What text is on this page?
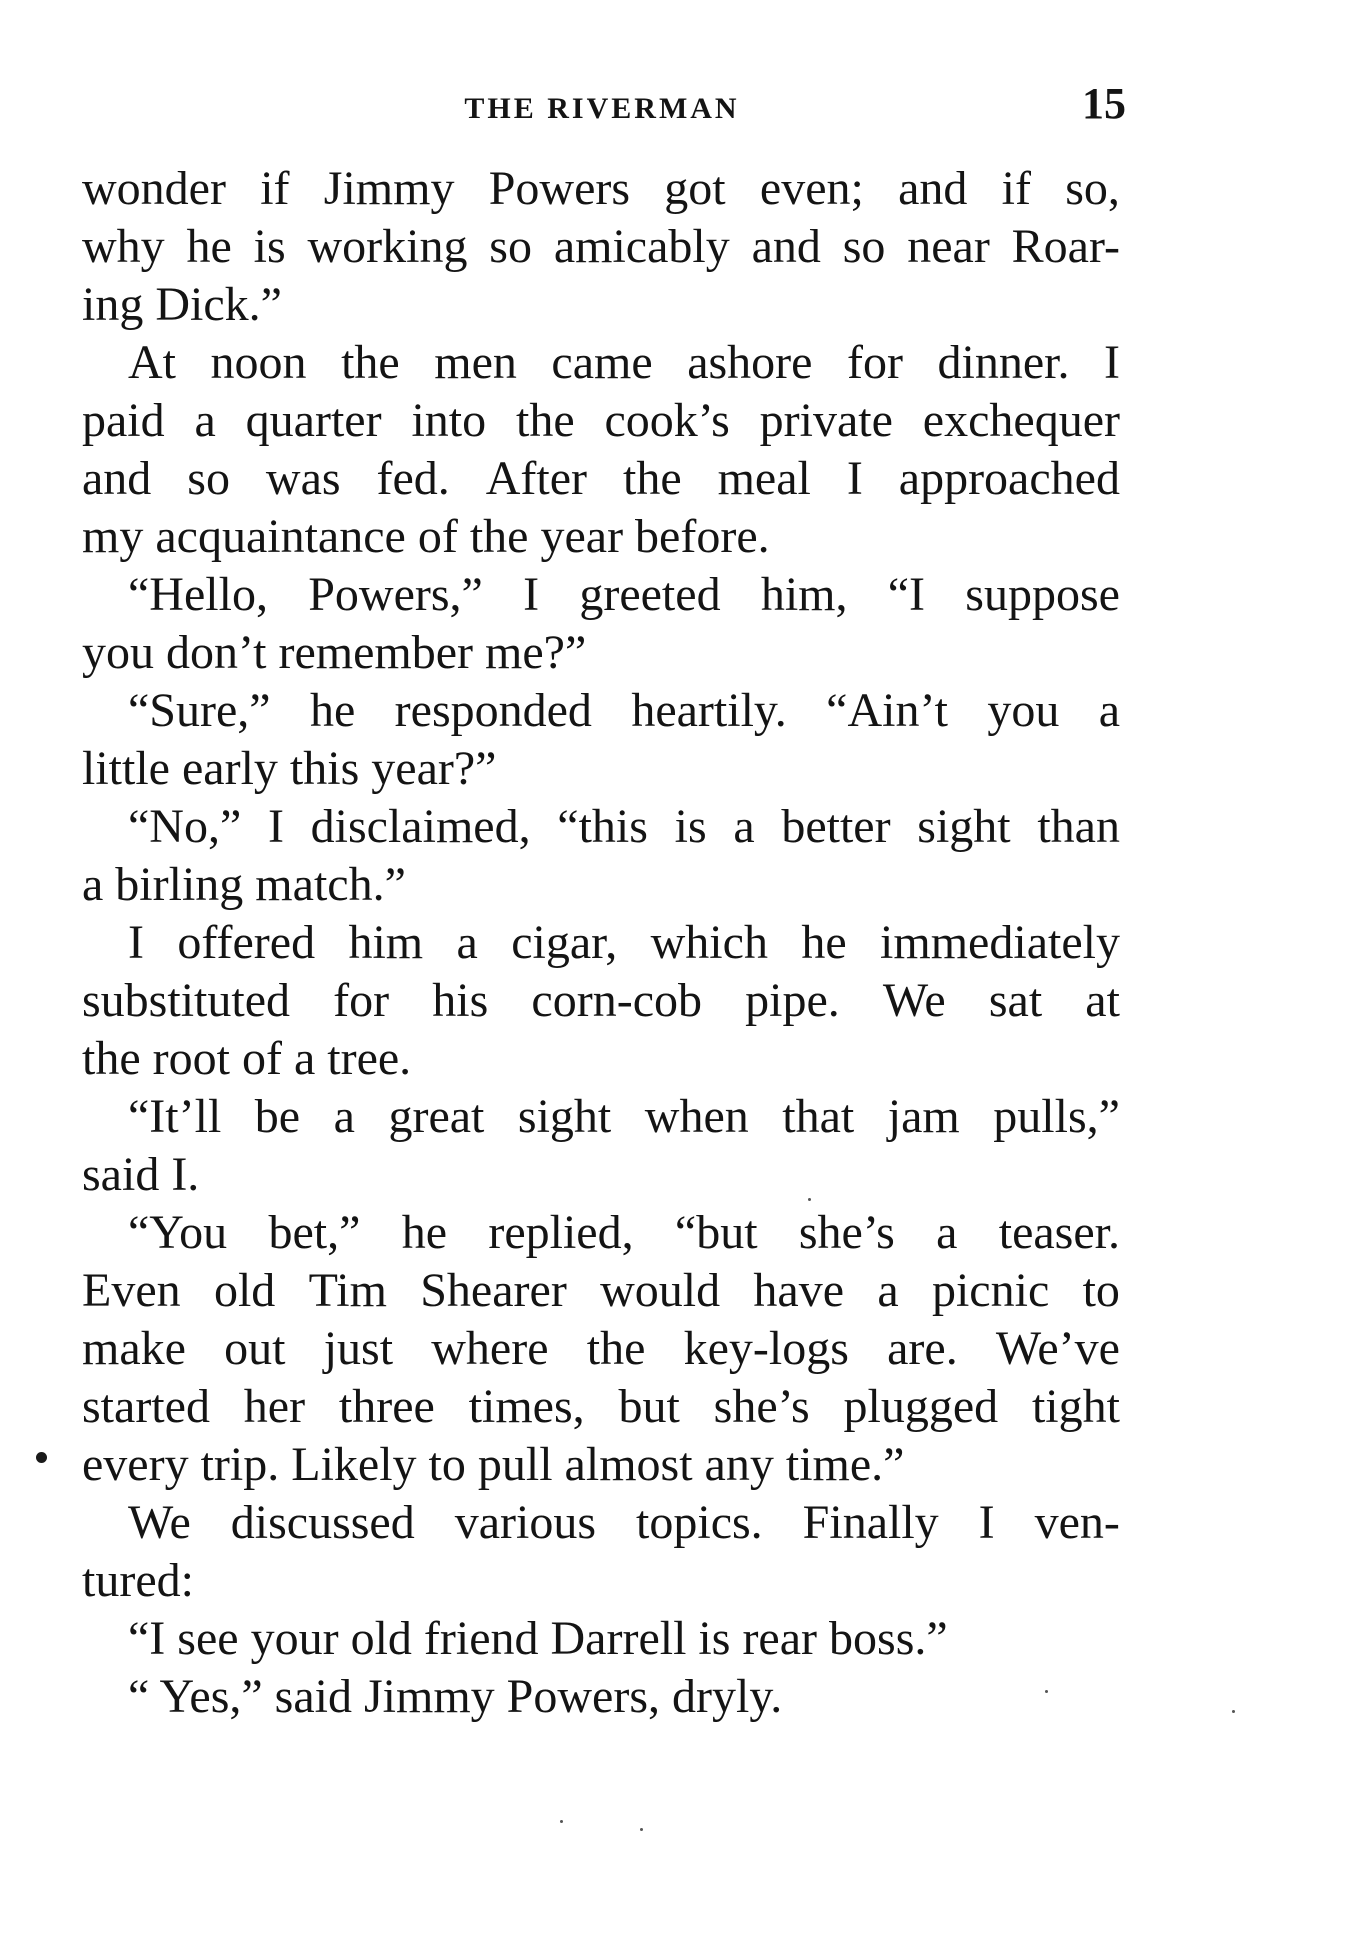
THE RIVERMAN	15
wonder if Jimmy Powers got even; and if so,
why he is working so amicably and so near Roar-
ing Dick.”
At noon the men came ashore for dinner. I
paid a quarter into the cook’s private exchequer
and so was fed. After the meal I approached
my acquaintance of the year before.
“Hello, Powers,” I greeted him, “I suppose
you don’t remember me?”
“Sure,” he responded heartily. “Ain’t you a
little early this year?”
“No,” I disclaimed, “this is a better sight than
a birling match.”
I offered him a cigar, which he immediately
substituted for his corn-cob pipe. We sat at
the root of a tree.
“It’ll be a great sight when that jam pulls,”
said I.
“You bet,” he replied, “but she’s a teaser.
Even old Tim Shearer would have a picnic to
make out just where the key-logs are. We’ve
started her three times, but she’s plugged tight
every trip. Likely to pull almost any time.”
We discussed various topics. Finally I ven-
tured:
“I see your old friend Darrell is rear boss.”
“ Yes,” said Jimmy Powers, dryly.
